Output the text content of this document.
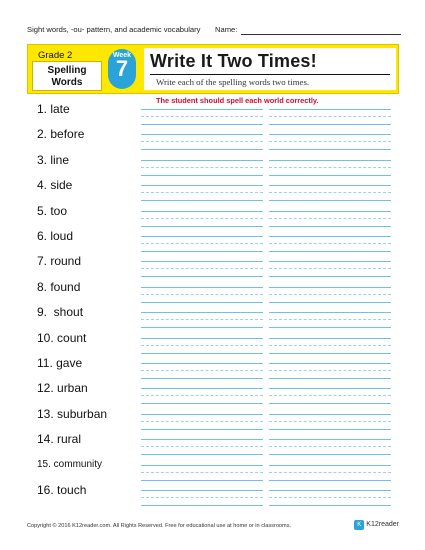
Sight words, -ou- pattern, and academic vocabulary Name:
Grade 2
Spelling
Words
Week
7	Write It Two Times!
Write each of the spelling words two times.
The student should spell each world correctly.
1. late
2. before
3. line
4. side
5. too
6. loud
7. round
8. found
9.  shout
10. count
11. gave
12. urban
13. suburban
14. rural
15. community
16. touch
Copyright © 2016 K12reader.com. All Rights Reserved. Free for educational use at home or in classrooms.	K K12reader
